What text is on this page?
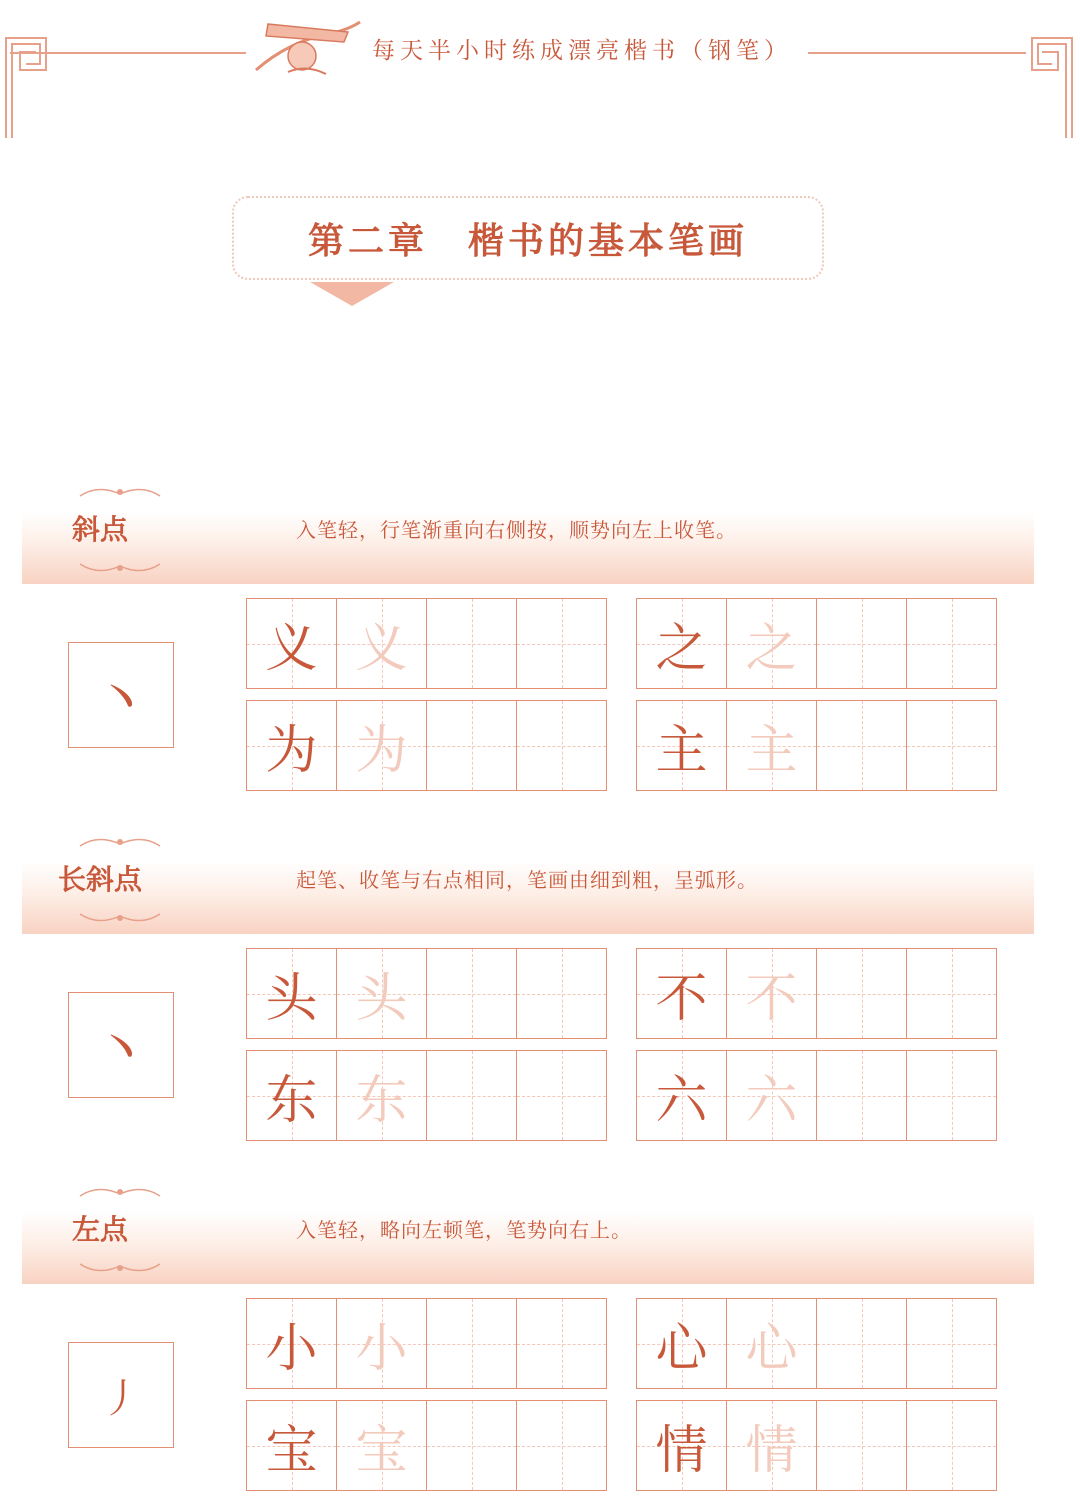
每天半小时练成漂亮楷书（钢笔）
第二章　楷书的基本笔画
斜点	入笔轻，行笔渐重向右侧按，顺势向左上收笔。
丶
义 义	之 之
为 为	主 主
长斜点	起笔、收笔与右点相同，笔画由细到粗，呈弧形。
丶
头 头	不 不
东 东	六 六
左点	入笔轻，略向左顿笔，笔势向右上。
丿
小 小	心 心
宝 宝	情 情
